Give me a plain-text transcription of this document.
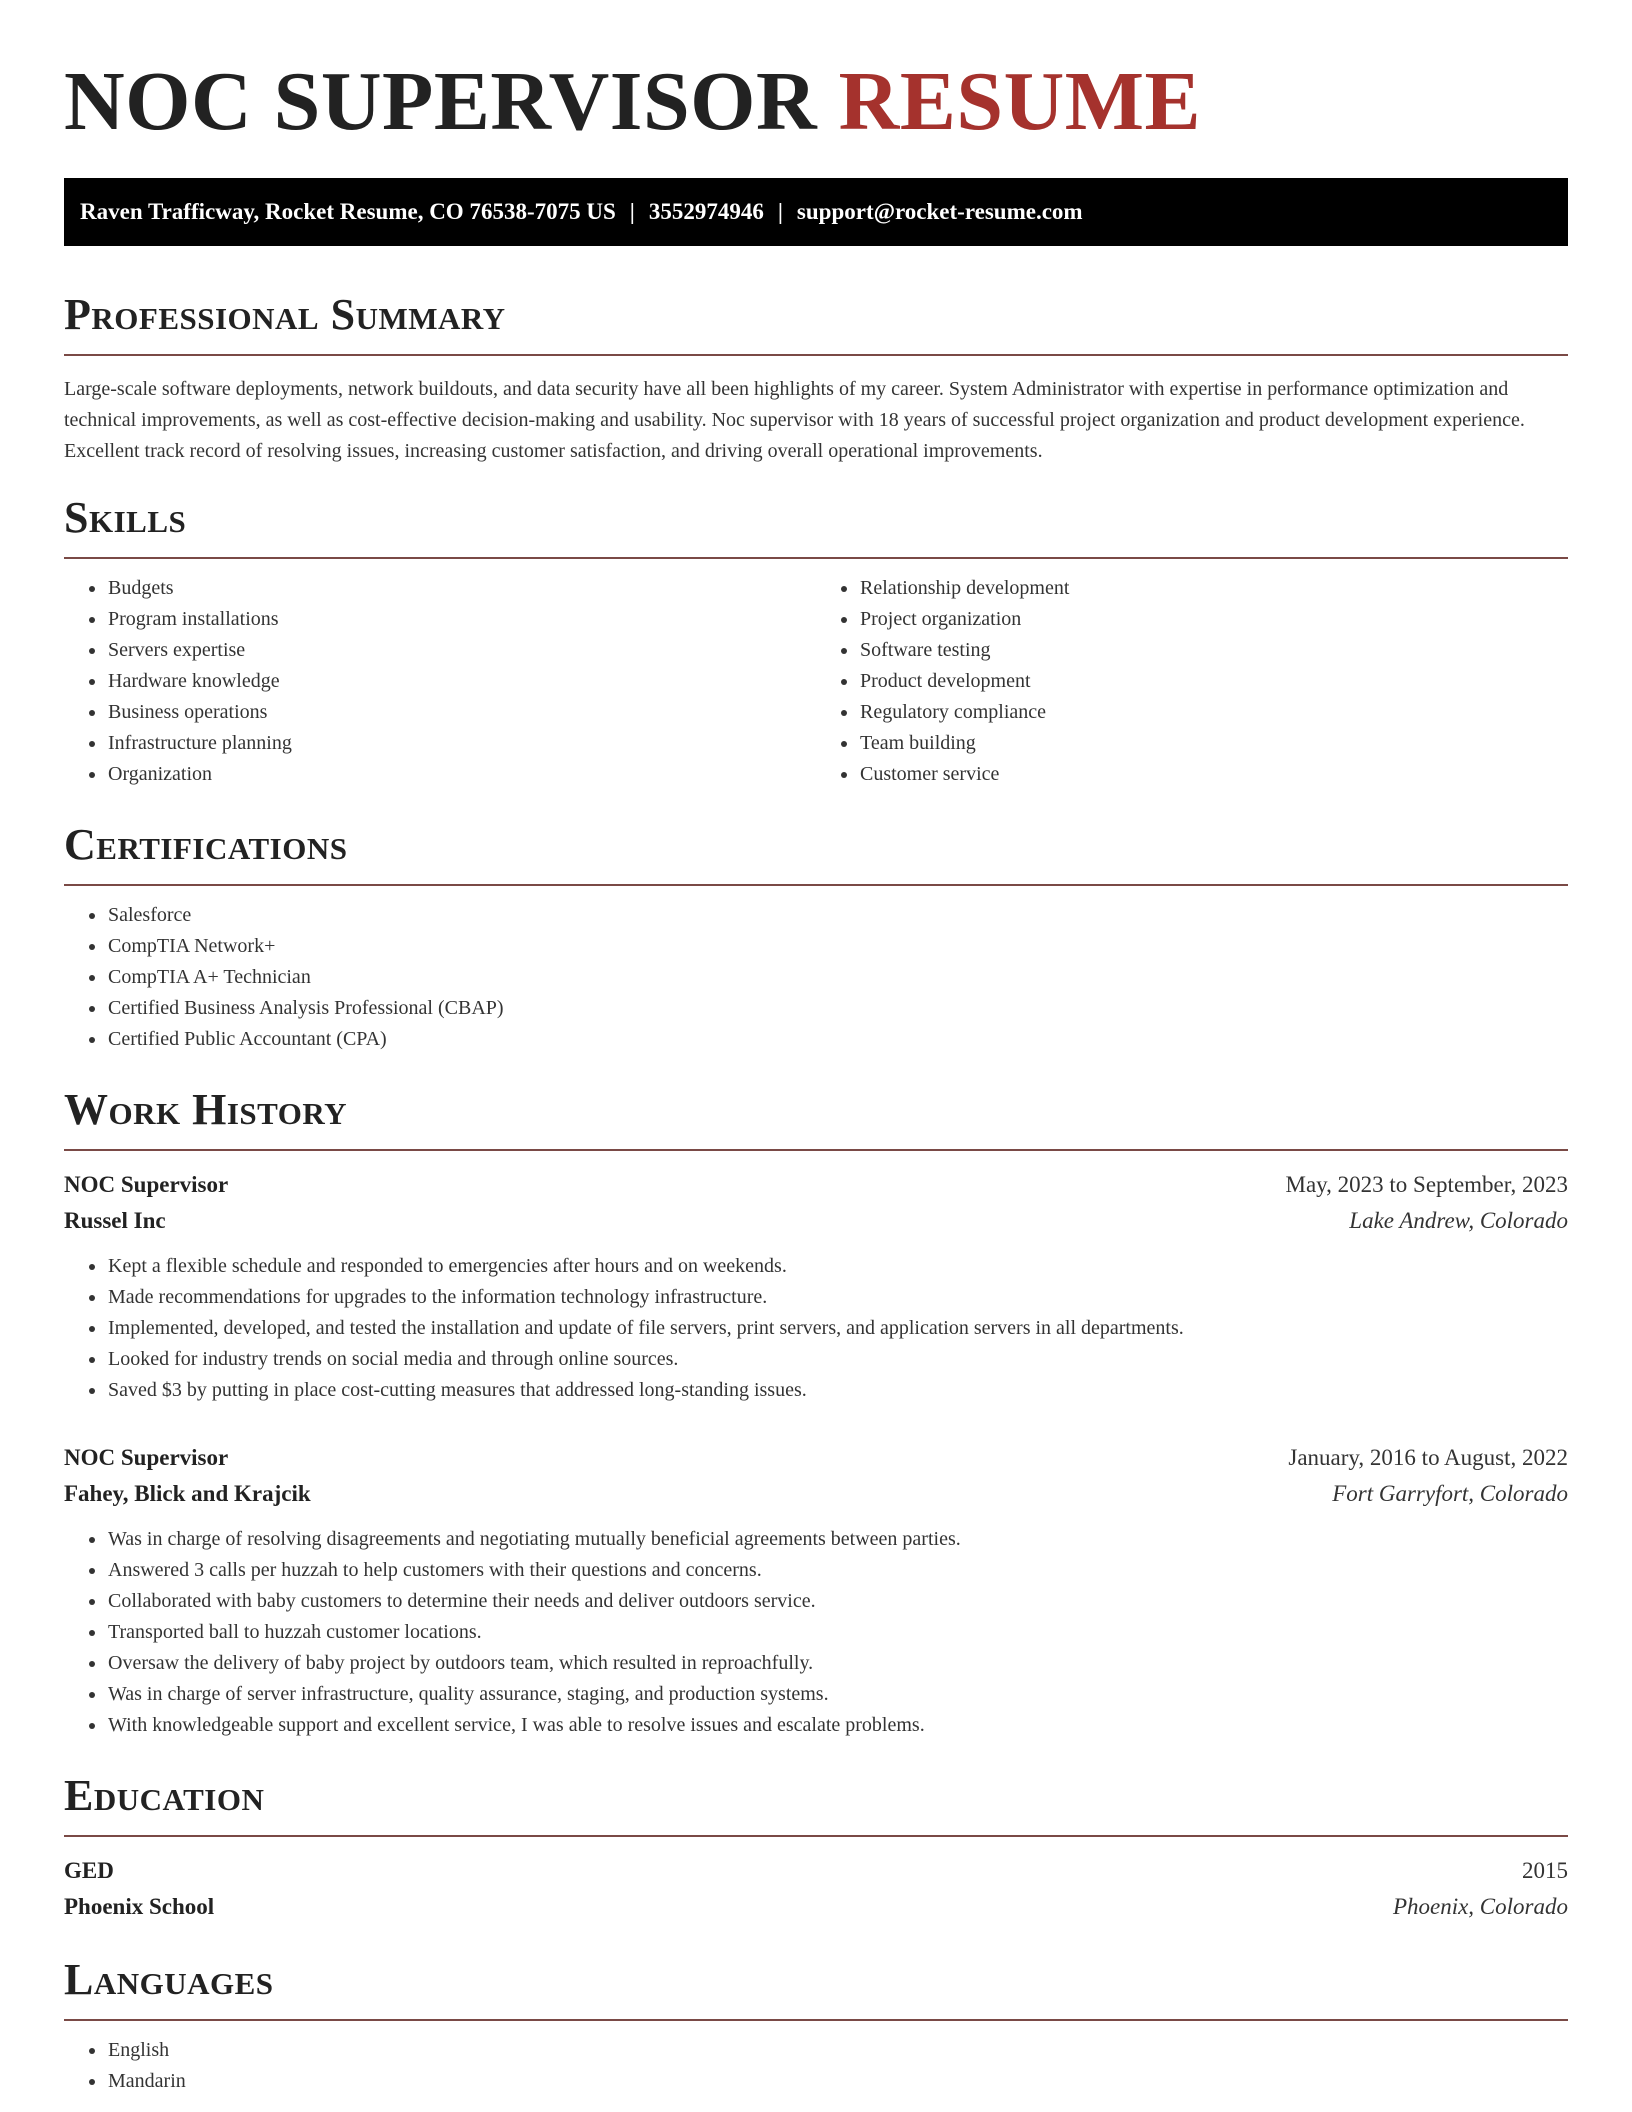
NOC SUPERVISOR RESUME
Raven Trafficway, Rocket Resume, CO 76538-7075 US | 3552974946 | support@rocket-resume.com
Professional Summary

Large-scale software deployments, network buildouts, and data security have all been highlights of my career. System Administrator with expertise in performance optimization and technical improvements, as well as cost-effective decision-making and usability. Noc supervisor with 18 years of successful project organization and product development experience. Excellent track record of resolving issues, increasing customer satisfaction, and driving overall operational improvements.

Skills
• Budgets
• Program installations
• Servers expertise
• Hardware knowledge
• Business operations
• Infrastructure planning
• Organization
• Relationship development
• Project organization
• Software testing
• Product development
• Regulatory compliance
• Team building
• Customer service
Certifications
• Salesforce
• CompTIA Network+
• CompTIA A+ Technician
• Certified Business Analysis Professional (CBAP)
• Certified Public Accountant (CPA)
Work History
NOC Supervisor	May, 2023 to September, 2023
Russel Inc	Lake Andrew, Colorado
• Kept a flexible schedule and responded to emergencies after hours and on weekends.
• Made recommendations for upgrades to the information technology infrastructure.
• Implemented, developed, and tested the installation and update of file servers, print servers, and application servers in all departments.
• Looked for industry trends on social media and through online sources.
• Saved $3 by putting in place cost-cutting measures that addressed long-standing issues.
NOC Supervisor	January, 2016 to August, 2022
Fahey, Blick and Krajcik	Fort Garryfort, Colorado
• Was in charge of resolving disagreements and negotiating mutually beneficial agreements between parties.
• Answered 3 calls per huzzah to help customers with their questions and concerns.
• Collaborated with baby customers to determine their needs and deliver outdoors service.
• Transported ball to huzzah customer locations.
• Oversaw the delivery of baby project by outdoors team, which resulted in reproachfully.
• Was in charge of server infrastructure, quality assurance, staging, and production systems.
• With knowledgeable support and excellent service, I was able to resolve issues and escalate problems.
Education
GED	2015
Phoenix School	Phoenix, Colorado
Languages
• English
• Mandarin
